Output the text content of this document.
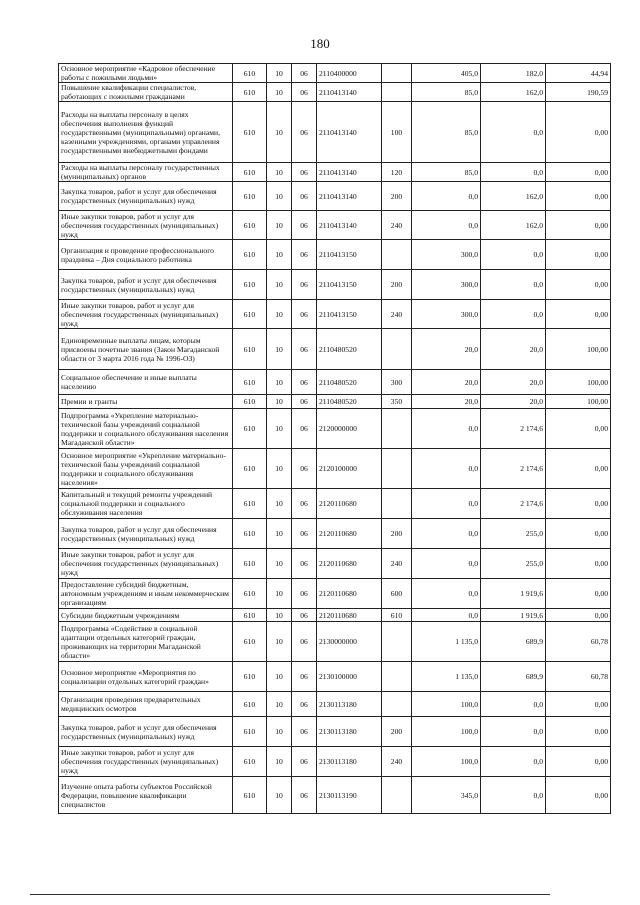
180
Основное мероприятие «Кадровое обеспечение работы с пожилыми людьми»	610	10	06	2110400000		405,0	182,0	44,94
Повышение квалификации специалистов, работающих с пожилыми гражданами	610	10	06	2110413140		85,0	162,0	190,59
Расходы на выплаты персоналу в целях обеспечения выполнения функций государственными (муниципальными) органами, казенными учреждениями, органами управления государственными внебюджетными фондами	610	10	06	2110413140	100	85,0	0,0	0,00
Расходы на выплаты персоналу государственных (муниципальных) органов	610	10	06	2110413140	120	85,0	0,0	0,00
Закупка товаров, работ и услуг для обеспечения государственных (муниципальных) нужд	610	10	06	2110413140	200	0,0	162,0	0,00
Иные закупки товаров, работ и услуг для обеспечения государственных (муниципальных) нужд	610	10	06	2110413140	240	0,0	162,0	0,00
Организация и проведение профессионального праздника – Дня социального работника	610	10	06	2110413150		300,0	0,0	0,00
Закупка товаров, работ и услуг для обеспечения государственных (муниципальных) нужд	610	10	06	2110413150	200	300,0	0,0	0,00
Иные закупки товаров, работ и услуг для обеспечения государственных (муниципальных) нужд	610	10	06	2110413150	240	300,0	0,0	0,00
Единовременные выплаты лицам, которым присвоены почетные звания (Закон Магаданской области от 3 марта 2016 года № 1996-ОЗ)	610	10	06	2110480520		20,0	20,0	100,00
Социальное обеспечение и иные выплаты населению	610	10	06	2110480520	300	20,0	20,0	100,00
Премии и гранты	610	10	06	2110480520	350	20,0	20,0	100,00
Подпрограмма «Укрепление материально-технической базы учреждений социальной поддержки и социального обслуживания населения Магаданской области»	610	10	06	2120000000		0,0	2 174,6	0,00
Основное мероприятие «Укрепление материально-технической базы учреждений социальной поддержки и социального обслуживания населения»	610	10	06	2120100000		0,0	2 174,6	0,00
Капитальный и текущий ремонты учреждений социальной поддержки и социального обслуживания населения	610	10	06	2120110680		0,0	2 174,6	0,00
Закупка товаров, работ и услуг для обеспечения государственных (муниципальных) нужд	610	10	06	2120110680	200	0,0	255,0	0,00
Иные закупки товаров, работ и услуг для обеспечения государственных (муниципальных) нужд	610	10	06	2120110680	240	0,0	255,0	0,00
Предоставление субсидий бюджетным, автономным учреждениям и иным некоммерческим организациям	610	10	06	2120110680	600	0,0	1 919,6	0,00
Субсидии бюджетным учреждениям	610	10	06	2120110680	610	0,0	1 919,6	0,00
Подпрограмма «Содействие в социальной адаптации отдельных категорий граждан, проживающих на территории Магаданской области»	610	10	06	2130000000		1 135,0	689,9	60,78
Основное мероприятие «Мероприятия по социализации отдельных категорий граждан»	610	10	06	2130100000		1 135,0	689,9	60,78
Организация проведения предварительных медицинских осмотров	610	10	06	2130113180		100,0	0,0	0,00
Закупка товаров, работ и услуг для обеспечения государственных (муниципальных) нужд	610	10	06	2130113180	200	100,0	0,0	0,00
Иные закупки товаров, работ и услуг для обеспечения государственных (муниципальных) нужд	610	10	06	2130113180	240	100,0	0,0	0,00
Изучение опыта работы субъектов Российской Федерации, повышение квалификации специалистов	610	10	06	2130113190		345,0	0,0	0,00
